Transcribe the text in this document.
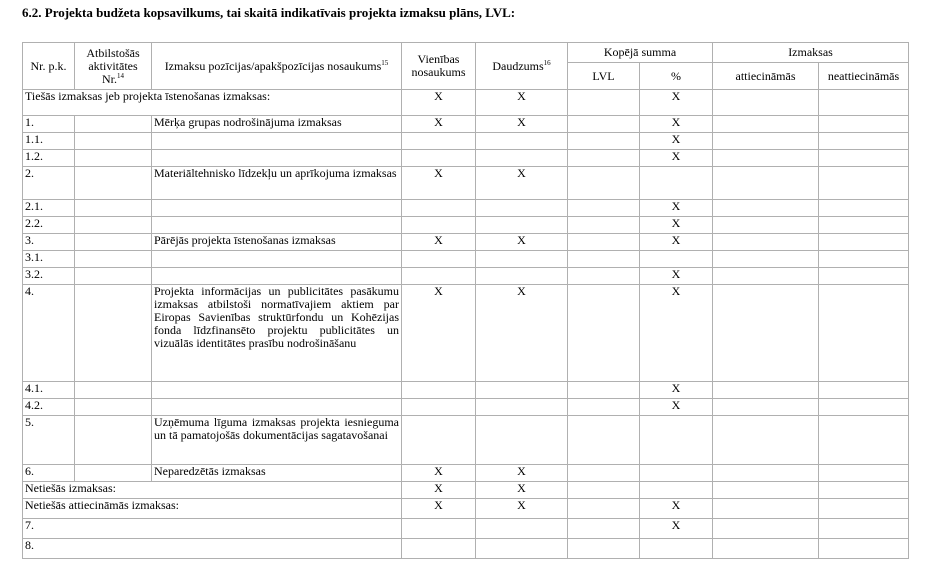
6.2. Projekta budžeta kopsavilkums, tai skaitā indikatīvais projekta izmaksu plāns, LVL:
Nr. p.k.	Atbilstošās aktivitātes Nr.$^{14}$	Izmaksu pozīcijas/apakšpozīcijas nosaukums$^{15}$	Vienības nosaukums	Daudzums$^{16}$	Kopējā summa		Izmaksas	
					LVL	%	attiecināmās	neattiecināmās
Tiešās izmaksas jeb projekta īstenošanas izmaksas:			X	X		X		
1.		Mērķa grupas nodrošinājuma izmaksas	X	X		X		
1.1.						X		
1.2.						X		
2.		Materiāltehnisko līdzekļu un aprīkojuma izmaksas	X	X				
2.1.						X		
2.2.						X		
3.		Pārējās projekta īstenošanas izmaksas	X	X		X		
3.1.								
3.2.						X		
4.		Projekta informācijas un publicitātes pasākumu izmaksas atbilstoši normatīvajiem aktiem par Eiropas Savienības struktūrfondu un Kohēzijas fonda līdzfinansēto projektu publicitātes un vizuālās identitātes prasību nodrošināšanu	X	X		X		
4.1.						X		
4.2.						X		
5.		Uzņēmuma līguma izmaksas projekta iesnieguma un tā pamatojošās dokumentācijas sagatavošanai						
6.		Neparedzētās izmaksas	X	X				
Netiešās izmaksas:			X	X				
Netiešās attiecināmās izmaksas:			X	X		X		
7.						X		
8.								
